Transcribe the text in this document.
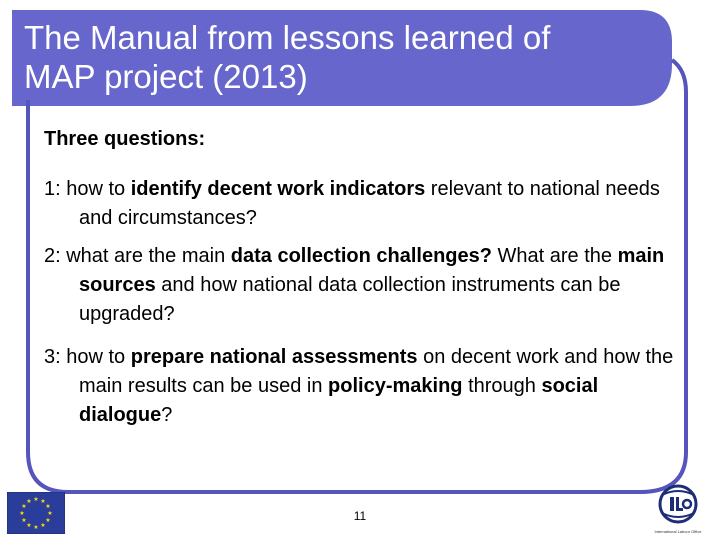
The Manual from lessons learned of
MAP project (2013)
Three questions:
1: how to identify decent work indicators relevant to national needs and circumstances?
2: what are the main data collection challenges? What are the main sources and how national data collection instruments can be upgraded?
3: how to prepare national assessments on decent work and how the main results can be used in policy-making through social dialogue?
11
★ ★
★
★
★
★
★
★
★
★
★
★
International Labour Office
